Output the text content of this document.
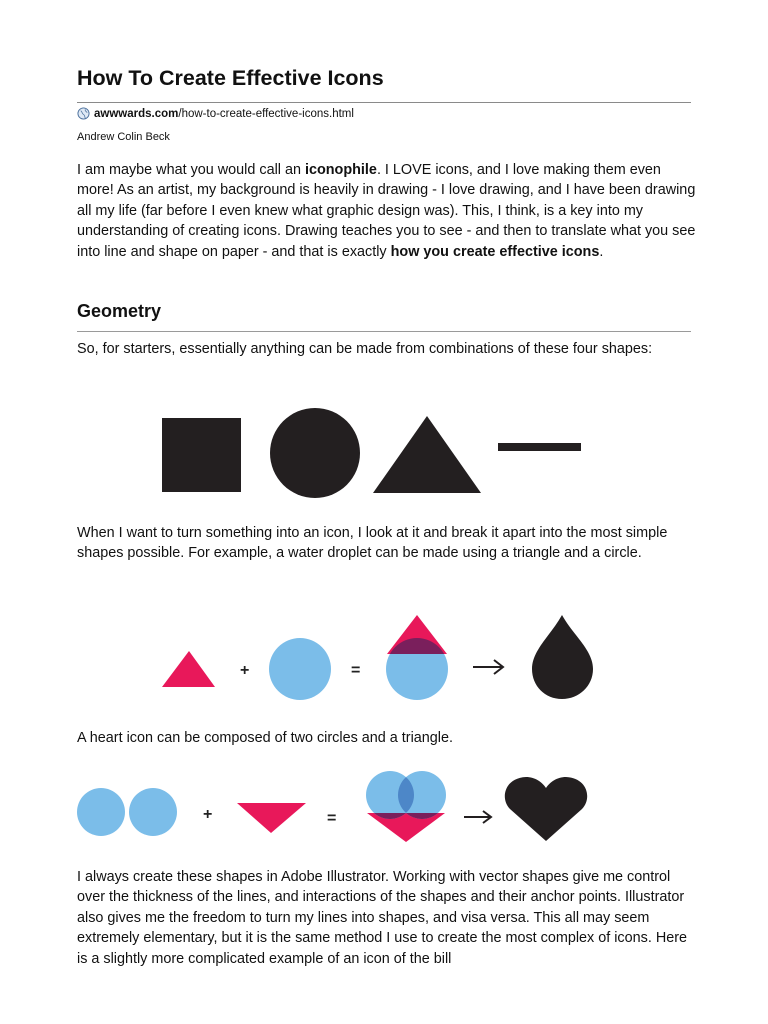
How To Create Effective Icons
awwwards.com /how-to-create-effective-icons.html
Andrew Colin Beck

I am maybe what you would call an iconophile. I LOVE icons, and I love making them even more! As an artist, my background is heavily in drawing - I love drawing, and I have been drawing all my life (far before I even knew what graphic design was). This, I think, is a key into my understanding of creating icons. Drawing teaches you to see - and then to translate what you see into line and shape on paper - and that is exactly how you create effective icons.

Geometry

So, for starters, essentially anything can be made from combinations of these four shapes:

When I want to turn something into an icon, I look at it and break it apart into the most simple shapes possible. For example, a water droplet can be made using a triangle and a circle.

A heart icon can be composed of two circles and a triangle.

I always create these shapes in Adobe Illustrator. Working with vector shapes give me control over the thickness of the lines, and interactions of the shapes and their anchor points. Illustrator also gives me the freedom to turn my lines into shapes, and visa versa. This all may seem extremely elementary, but it is the same method I use to create the most complex of icons. Here is a slightly more complicated example of an icon of the bill

+	=
+	=
